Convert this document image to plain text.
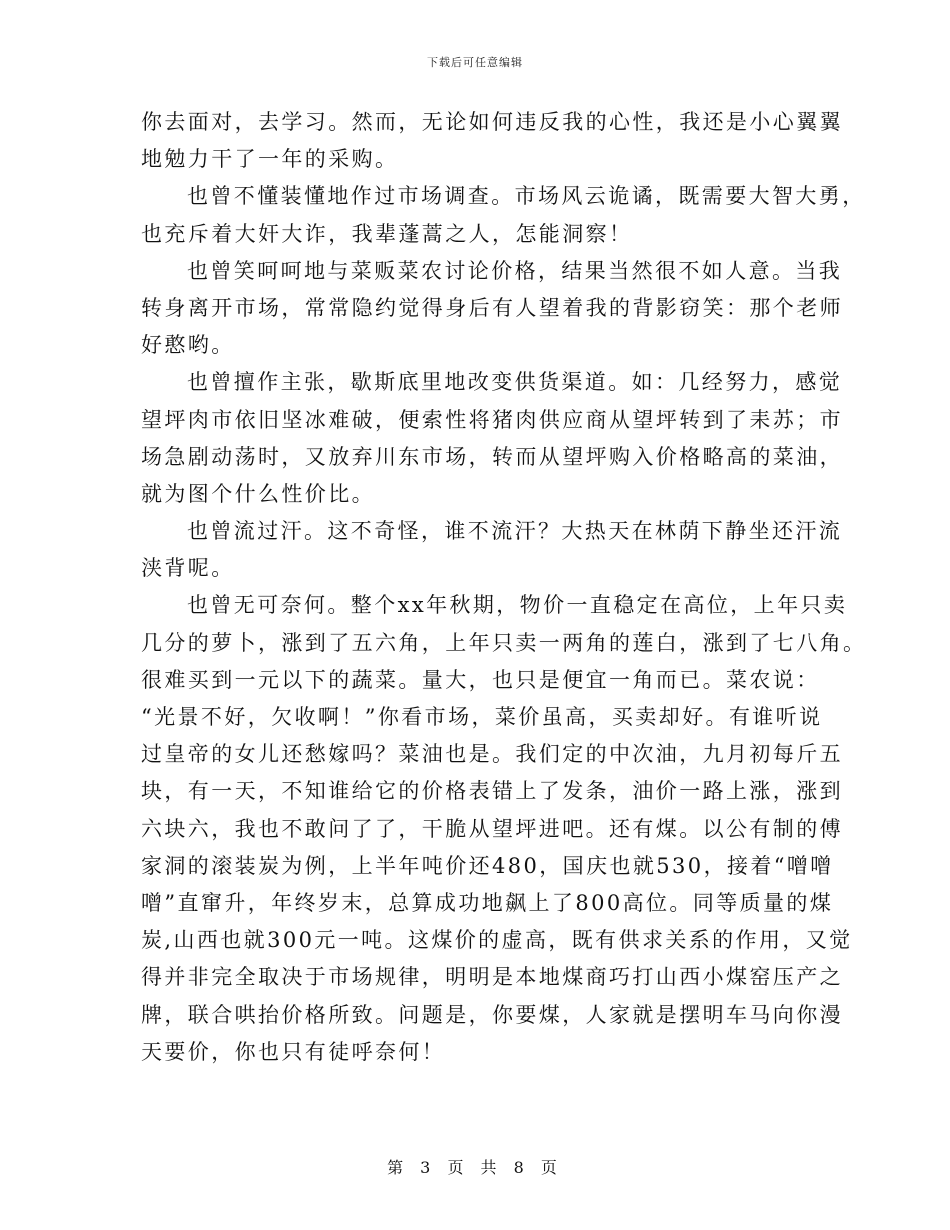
下载后可任意编辑
你去面对，去学习。然而，无论如何违反我的心性，我还是小心翼翼
地勉力干了一年的采购。
也曾不懂装懂地作过市场调查。市场风云诡谲，既需要大智大勇，
也充斥着大奸大诈，我辈蓬蒿之人，怎能洞察！
也曾笑呵呵地与菜贩菜农讨论价格，结果当然很不如人意。当我
转身离开市场，常常隐约觉得身后有人望着我的背影窃笑：那个老师
好憨哟。
也曾擅作主张，歇斯底里地改变供货渠道。如：几经努力，感觉
望坪肉市依旧坚冰难破，便索性将猪肉供应商从望坪转到了耒苏；市
场急剧动荡时，又放弃川东市场，转而从望坪购入价格略高的菜油，
就为图个什么性价比。
也曾流过汗。这不奇怪，谁不流汗？大热天在林荫下静坐还汗流
浃背呢。
也曾无可奈何。整个xx年秋期，物价一直稳定在高位，上年只卖
几分的萝卜，涨到了五六角，上年只卖一两角的莲白，涨到了七八角。
很难买到一元以下的蔬菜。量大，也只是便宜一角而已。菜农说：
“光景不好，欠收啊！”你看市场，菜价虽高，买卖却好。有谁听说
过皇帝的女儿还愁嫁吗？菜油也是。我们定的中次油，九月初每斤五
块，有一天，不知谁给它的价格表错上了发条，油价一路上涨，涨到
六块六，我也不敢问了了，干脆从望坪进吧。还有煤。以公有制的傅
家洞的滚装炭为例，上半年吨价还480，国庆也就530，接着“噌噌
噌”直窜升，年终岁末，总算成功地飙上了800高位。同等质量的煤
炭,山西也就300元一吨。这煤价的虚高，既有供求关系的作用，又觉
得并非完全取决于市场规律，明明是本地煤商巧打山西小煤窑压产之
牌，联合哄抬价格所致。问题是，你要煤，人家就是摆明车马向你漫
天要价，你也只有徒呼奈何！
第 3 页 共 8 页
